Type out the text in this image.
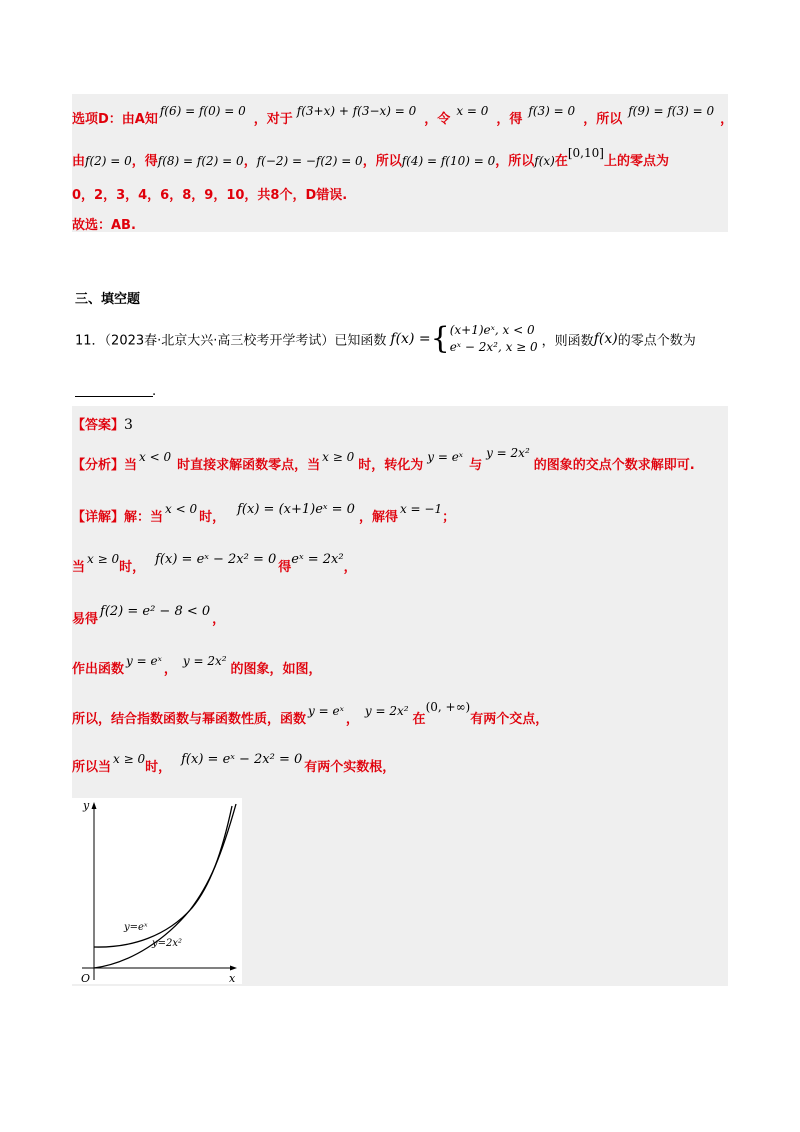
选项D：由A知f(6) = f(0) = 0，对于f(3+x) + f(3−x) = 0，令x = 0，得f(3) = 0，所以f(9) = f(3) = 0，
由f(2) = 0，得f(8) = f(2) = 0，f(−2) = −f(2) = 0，所以f(4) = f(10) = 0，所以f(x)在[0,10]上的零点为
0，2，3，4，6，8，9，10，共8个，D错误.
故选：AB.
三、填空题
11．（2023春·北京大兴·高三校考开学考试）已知函数 f(x) ={ (x+1)eˣ, x < 0
eˣ − 2x², x ≥ 0 ，则函数f(x)的零点个数为
.
【答案】3
【分析】当x < 0时直接求解函数零点，当x ≥ 0时，转化为y = eˣ与y = 2x²的图象的交点个数求解即可.
【详解】解：当x < 0时，f(x) = (x+1)eˣ = 0，解得x = −1；
当x ≥ 0时，f(x) = eˣ − 2x² = 0得eˣ = 2x²，
易得f(2) = e² − 8 < 0，
作出函数y = eˣ，y = 2x²的图象，如图，
所以，结合指数函数与幂函数性质，函数y = eˣ，y = 2x²在(0, +∞)有两个交点，
所以当x ≥ 0时，f(x) = eˣ − 2x² = 0有两个实数根，
y
x
O
y=eˣ
y=2x²
